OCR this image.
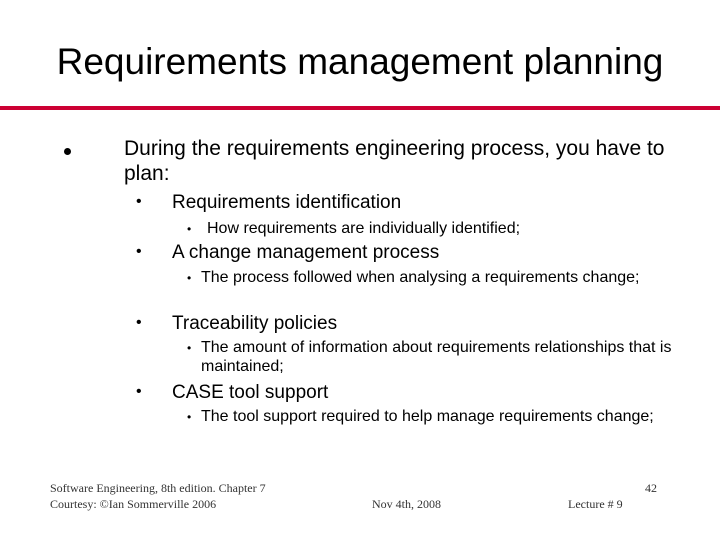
Requirements management planning
During the requirements engineering process, you have to plan:
• Requirements identification
• How requirements are individually identified;
• A change management process
• The process followed when analysing a requirements change;
• Traceability policies
• The amount of information about requirements relationships that is maintained;
• CASE tool support
• The tool support required to help manage requirements change;
Software Engineering, 8th edition. Chapter 7
Courtesy: ©Ian Sommerville 2006	Nov 4th, 2008	Lecture # 9
42
